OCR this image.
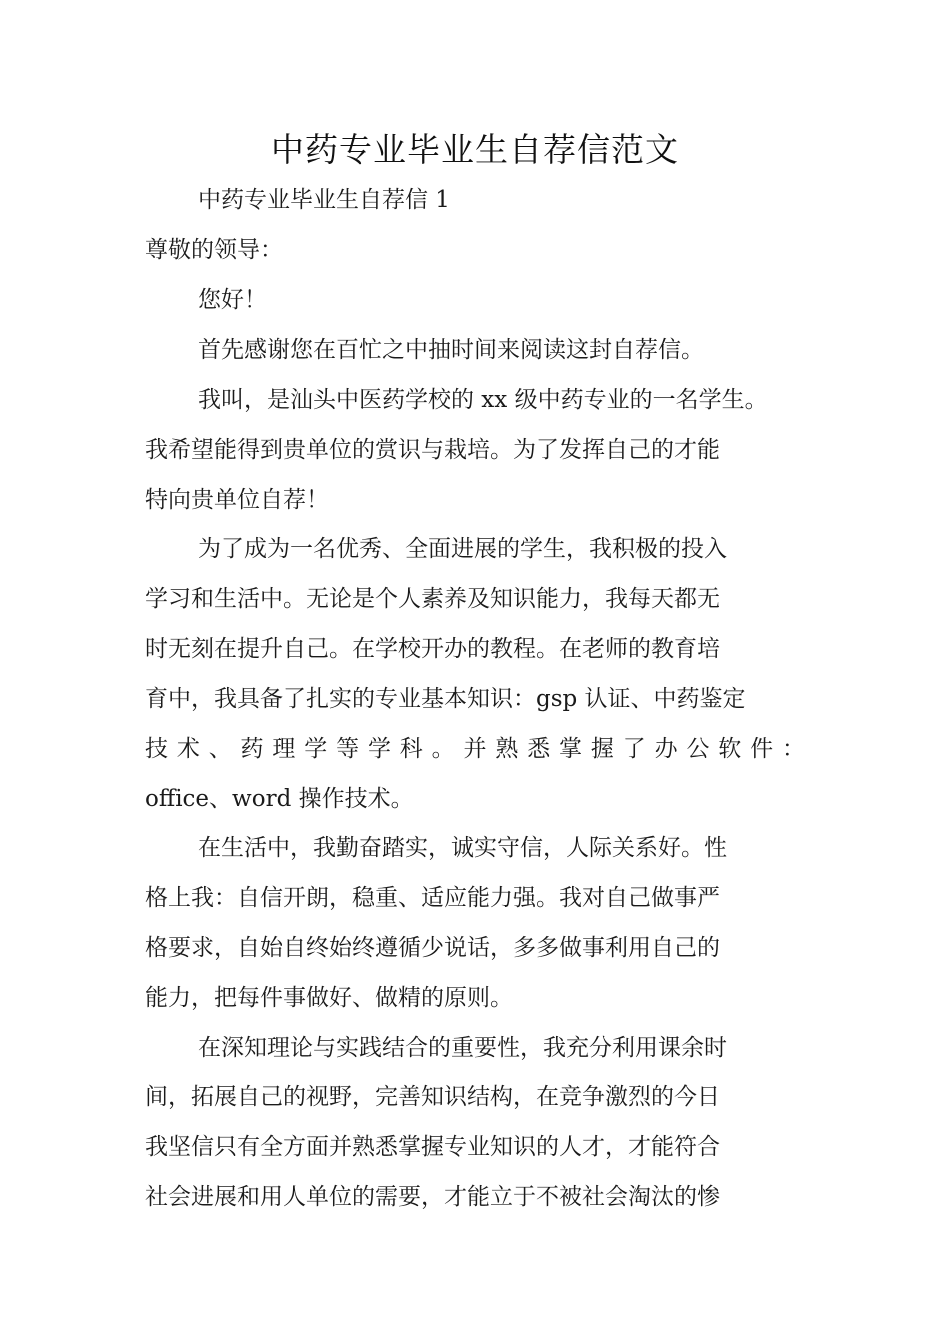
中药专业毕业生自荐信范文
中药专业毕业生自荐信 1
尊敬的领导：
您好！
首先感谢您在百忙之中抽时间来阅读这封自荐信。
我叫，是汕头中医药学校的 xx 级中药专业的一名学生。
我希望能得到贵单位的赏识与栽培。为了发挥自己的才能
特向贵单位自荐！
为了成为一名优秀、全面进展的学生，我积极的投入
学习和生活中。无论是个人素养及知识能力，我每天都无
时无刻在提升自己。在学校开办的教程。在老师的教育培
育中，我具备了扎实的专业基本知识：gsp 认证、中药鉴定
技术、药理学等学科。并熟悉掌握了办公软件：
office、word 操作技术。
在生活中，我勤奋踏实，诚实守信，人际关系好。性
格上我：自信开朗，稳重、适应能力强。我对自己做事严
格要求，自始自终始终遵循少说话，多多做事利用自己的
能力，把每件事做好、做精的原则。
在深知理论与实践结合的重要性，我充分利用课余时
间，拓展自己的视野，完善知识结构，在竞争激烈的今日
我坚信只有全方面并熟悉掌握专业知识的人才，才能符合
社会进展和用人单位的需要，才能立于不被社会淘汰的惨
